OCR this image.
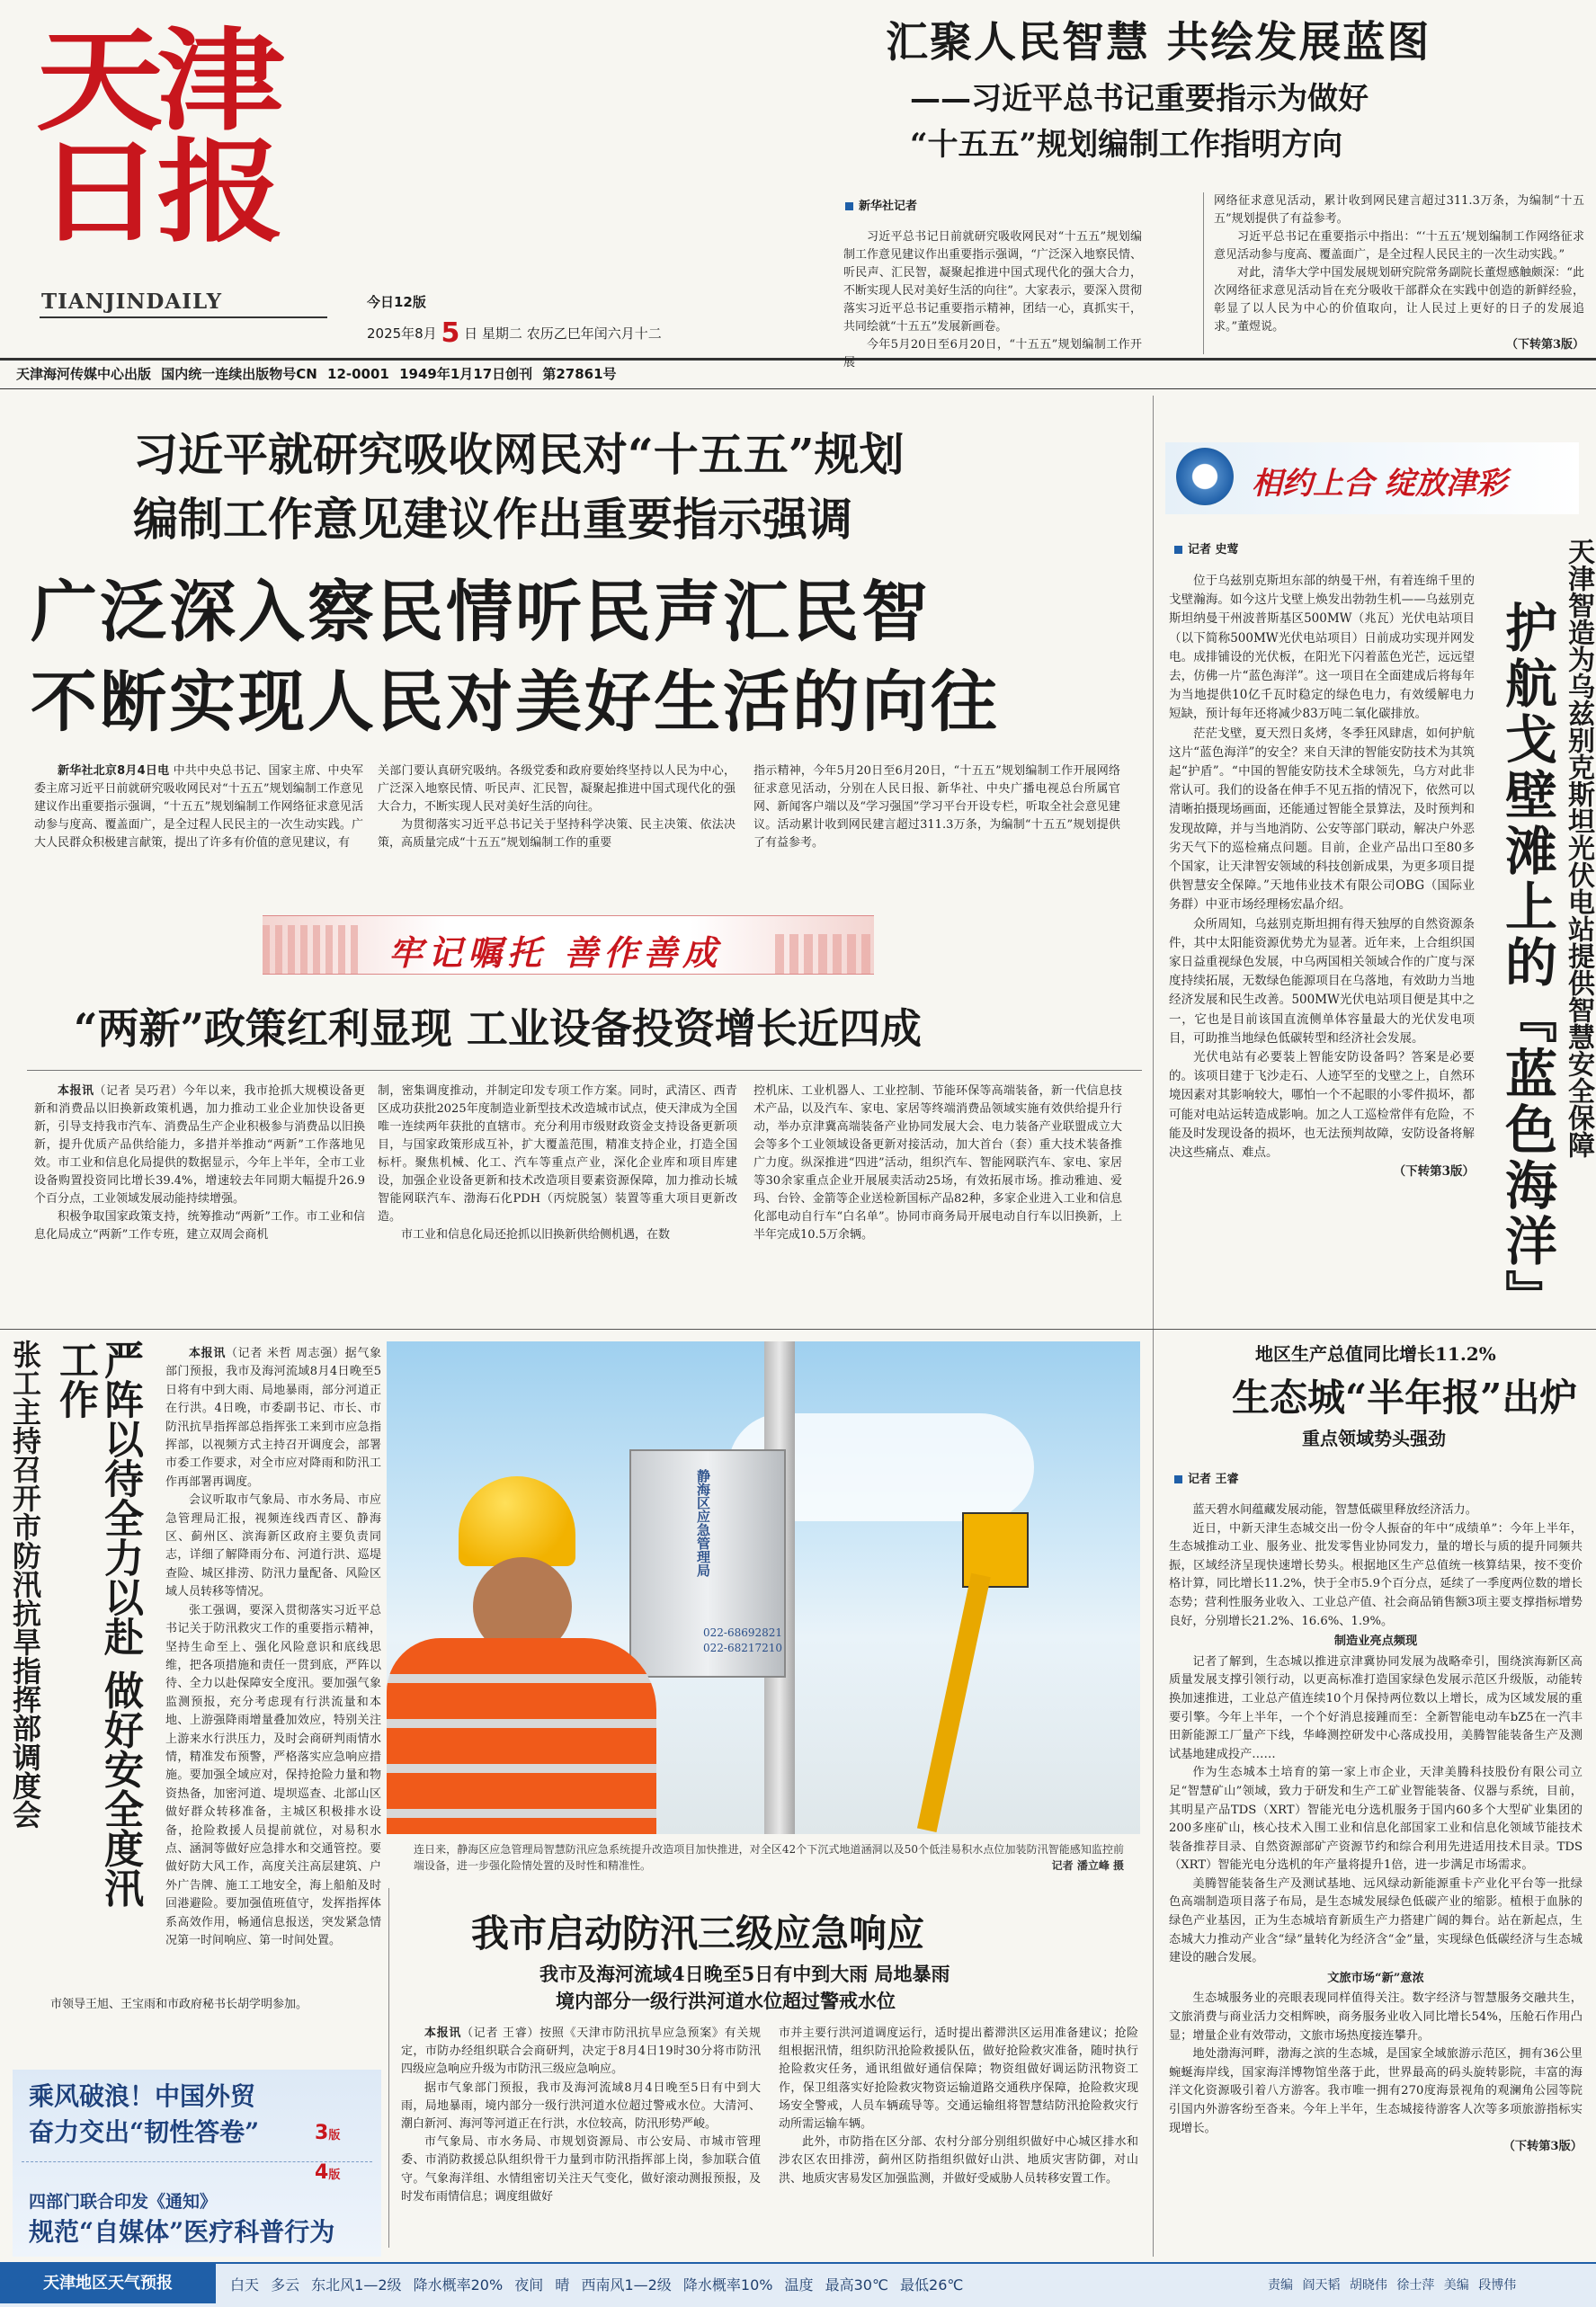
天津日报
TIANJINDAILY	今日12版
2025年8月 5 日 星期二 农历乙巳年闰六月十二
天津海河传媒中心出版 国内统一连续出版物号CN 12-0001 1949年1月17日创刊 第27861号
汇聚人民智慧 共绘发展蓝图
——习近平总书记重要指示为做好
“十五五”规划编制工作指明方向
新华社记者
习近平总书记日前就研究吸收网民对“十五五”规划编制工作意见建议作出重要指示强调，“广泛深入地察民情、听民声、汇民智，凝聚起推进中国式现代化的强大合力，不断实现人民对美好生活的向往”。大家表示，要深入贯彻落实习近平总书记重要指示精神，团结一心，真抓实干，共同绘就“十五五”发展新画卷。
今年5月20日至6月20日，“十五五”规划编制工作开展
网络征求意见活动，累计收到网民建言超过311.3万条，为编制“十五五”规划提供了有益参考。
习近平总书记在重要指示中指出：“‘十五五’规划编制工作网络征求意见活动参与度高、覆盖面广，是全过程人民民主的一次生动实践。”
对此，清华大学中国发展规划研究院常务副院长董煜感触颇深：“此次网络征求意见活动旨在充分吸收干部群众在实践中创造的新鲜经验，彰显了以人民为中心的价值取向，让人民过上更好的日子的发展追求。”董煜说。
（下转第3版）
习近平就研究吸收网民对“十五五”规划
编制工作意见建议作出重要指示强调
广泛深入察民情听民声汇民智
不断实现人民对美好生活的向往
新华社北京8月4日电 中共中央总书记、国家主席、中央军委主席习近平日前就研究吸收网民对“十五五”规划编制工作意见建议作出重要指示强调，“十五五”规划编制工作网络征求意见活动参与度高、覆盖面广，是全过程人民民主的一次生动实践。广大人民群众积极建言献策，提出了许多有价值的意见建议，有
关部门要认真研究吸纳。各级党委和政府要始终坚持以人民为中心，广泛深入地察民情、听民声、汇民智，凝聚起推进中国式现代化的强大合力，不断实现人民对美好生活的向往。
为贯彻落实习近平总书记关于坚持科学决策、民主决策、依法决策，高质量完成“十五五”规划编制工作的重要
指示精神，今年5月20日至6月20日，“十五五”规划编制工作开展网络征求意见活动，分别在人民日报、新华社、中央广播电视总台所属官网、新闻客户端以及“学习强国”学习平台开设专栏，听取全社会意见建议。活动累计收到网民建言超过311.3万条，为编制“十五五”规划提供了有益参考。
牢记嘱托 善作善成
“两新”政策红利显现 工业设备投资增长近四成
本报讯（记者 吴巧君）今年以来，我市抢抓大规模设备更新和消费品以旧换新政策机遇，加力推动工业企业加快设备更新，引导支持我市汽车、消费品生产企业积极参与消费品以旧换新，提升优质产品供给能力，多措并举推动“两新”工作落地见效。市工业和信息化局提供的数据显示，今年上半年，全市工业设备购置投资同比增长39.4%，增速较去年同期大幅提升26.9个百分点，工业领域发展动能持续增强。
积极争取国家政策支持，统筹推动“两新”工作。市工业和信息化局成立“两新”工作专班，建立双周会商机
制，密集调度推动，并制定印发专项工作方案。同时，武清区、西青区成功获批2025年度制造业新型技术改造城市试点，使天津成为全国唯一连续两年获批的直辖市。充分利用市级财政资金支持设备更新项目，与国家政策形成互补，扩大覆盖范围，精准支持企业，打造全国标杆。聚焦机械、化工、汽车等重点产业，深化企业库和项目库建设，加强企业设备更新和技术改造项目要素资源保障，加力推动长城智能网联汽车、渤海石化PDH（丙烷脱氢）装置等重大项目更新改造。
市工业和信息化局还抢抓以旧换新供给侧机遇，在数
控机床、工业机器人、工业控制、节能环保等高端装备，新一代信息技术产品，以及汽车、家电、家居等终端消费品领域实施有效供给提升行动，举办京津冀高端装备产业协同发展大会、电力装备产业联盟成立大会等多个工业领域设备更新对接活动，加大首台（套）重大技术装备推广力度。纵深推进“四进”活动，组织汽车、智能网联汽车、家电、家居等30余家重点企业开展展卖活动25场，有效拓展市场。推动雅迪、爱玛、台铃、金箭等企业送检新国标产品82种，多家企业进入工业和信息化部电动自行车“白名单”。协同市商务局开展电动自行车以旧换新，上半年完成10.5万余辆。
相约上合 绽放津彩
记者 史莺	天津智造为乌兹别克斯坦光伏电站提供智慧安全保障
护航戈壁滩上的『蓝色海洋』
位于乌兹别克斯坦东部的纳曼干州，有着连绵千里的戈壁瀚海。如今这片戈壁上焕发出勃勃生机——乌兹别克斯坦纳曼干州波普斯基区500MW（兆瓦）光伏电站项目（以下简称500MW光伏电站项目）日前成功实现并网发电。成排铺设的光伏板，在阳光下闪着蓝色光芒，远远望去，仿佛一片“蓝色海洋”。这一项目在全面建成后将每年为当地提供10亿千瓦时稳定的绿色电力，有效缓解电力短缺，预计每年还将减少83万吨二氧化碳排放。
茫茫戈壁，夏天烈日炙烤，冬季狂风肆虐，如何护航这片“蓝色海洋”的安全？来自天津的智能安防技术为其筑起“护盾”。“中国的智能安防技术全球领先，乌方对此非常认可。我们的设备在伸手不见五指的情况下，依然可以清晰拍摄现场画面，还能通过智能全景算法，及时预判和发现故障，并与当地消防、公安等部门联动，解决户外恶劣天气下的巡检痛点问题。目前，企业产品出口至80多个国家，让天津智安领域的科技创新成果，为更多项目提供智慧安全保障。”天地伟业技术有限公司OBG（国际业务群）中亚市场经理杨宏晶介绍。
众所周知，乌兹别克斯坦拥有得天独厚的自然资源条件，其中太阳能资源优势尤为显著。近年来，上合组织国家日益重视绿色发展，中乌两国相关领域合作的广度与深度持续拓展，无数绿色能源项目在乌落地，有效助力当地经济发展和民生改善。500MW光伏电站项目便是其中之一，它也是目前该国直流侧单体容量最大的光伏发电项目，可助推当地绿色低碳转型和经济社会发展。
光伏电站有必要装上智能安防设备吗？答案是必要的。该项目建于飞沙走石、人迹罕至的戈壁之上，自然环境因素对其影响较大，哪怕一个不起眼的小零件损坏，都可能对电站运转造成影响。加之人工巡检常伴有危险，不能及时发现设备的损坏，也无法预判故障，安防设备将解决这些痛点、难点。
（下转第3版）
地区生产总值同比增长11.2%
生态城“半年报”出炉
重点领域势头强劲
记者 王睿
蓝天碧水间蕴藏发展动能，智慧低碳里释放经济活力。
近日，中新天津生态城交出一份令人振奋的年中“成绩单”：今年上半年，生态城推动工业、服务业、批发零售业协同发力，量的增长与质的提升同频共振，区域经济呈现快速增长势头。根据地区生产总值统一核算结果，按不变价格计算，同比增长11.2%，快于全市5.9个百分点，延续了一季度两位数的增长态势；营利性服务业收入、工业总产值、社会商品销售额3项主要支撑指标增势良好，分别增长21.2%、16.6%、1.9%。
制造业亮点频现
记者了解到，生态城以推进京津冀协同发展为战略牵引，围绕滨海新区高质量发展支撑引领行动，以更高标准打造国家绿色发展示范区升级版，动能转换加速推进，工业总产值连续10个月保持两位数以上增长，成为区域发展的重要引擎。今年上半年，一个个好消息接踵而至：全新智能电动车bZ5在一汽丰田新能源工厂量产下线，华峰测控研发中心落成投用，美腾智能装备生产及测试基地建成投产……
作为生态城本土培育的第一家上市企业，天津美腾科技股份有限公司立足“智慧矿山”领域，致力于研发和生产工矿业智能装备、仪器与系统，目前，其明星产品TDS（XRT）智能光电分选机服务于国内60多个大型矿业集团的200多座矿山，核心技术入围工业和信息化部国家工业和信息化领域节能技术装备推荐目录、自然资源部矿产资源节约和综合利用先进适用技术目录。TDS（XRT）智能光电分选机的年产量将提升1倍，进一步满足市场需求。
美腾智能装备生产及测试基地、远风绿动新能源重卡产业化平台等一批绿色高端制造项目落子布局，是生态城发展绿色低碳产业的缩影。植根于血脉的绿色产业基因，正为生态城培育新质生产力搭建广阔的舞台。站在新起点，生态城大力推动产业含“绿”量转化为经济含“金”量，实现绿色低碳经济与生态城建设的融合发展。
文旅市场“新”意浓
生态城服务业的亮眼表现同样值得关注。数字经济与智慧服务交融共生，文旅消费与商业活力交相辉映，商务服务业收入同比增长54%，压舱石作用凸显；增量企业有效带动，文旅市场热度接连攀升。
地处渤海河畔，渤海之滨的生态城，是国家全域旅游示范区，拥有36公里蜿蜒海岸线，国家海洋博物馆坐落于此，世界最高的码头旋转影院，丰富的海洋文化资源吸引着八方游客。我市唯一拥有270度海景视角的观澜角公园等院引国内外游客纷至沓来。今年上半年，生态城接待游客人次等多项旅游指标实现增长。
（下转第3版）
张工主持召开市防汛抗旱指挥部调度会	严阵以待全力以赴 做好安全度汛工作	本报讯（记者 米哲 周志强）据气象部门预报，我市及海河流域8月4日晚至5日将有中到大雨、局地暴雨，部分河道正在行洪。4日晚，市委副书记、市长、市防汛抗旱指挥部总指挥张工来到市应急指挥部，以视频方式主持召开调度会，部署市委工作要求，对全市应对降雨和防汛工作再部署再调度。
会议听取市气象局、市水务局、市应急管理局汇报，视频连线西青区、静海区、蓟州区、滨海新区政府主要负责同志，详细了解降雨分布、河道行洪、巡堤查险、城区排涝、防汛力量配备、风险区域人员转移等情况。
张工强调，要深入贯彻落实习近平总书记关于防汛救灾工作的重要指示精神，坚持生命至上、强化风险意识和底线思维，把各项措施和责任一贯到底，严阵以待、全力以赴保障安全度汛。要加强气象监测预报，充分考虑现有行洪流量和本地、上游强降雨增量叠加效应，特别关注上游来水行洪压力，及时会商研判雨情水情，精准发布预警，严格落实应急响应措施。要加强全域应对，保持抢险力量和物资热备，加密河道、堤坝巡查、北部山区做好群众转移准备，主城区积极排水设备，抢险救援人员提前就位，对易积水点、涵洞等做好应急排水和交通管控。要做好防大风工作，高度关注高层建筑、户外广告牌、施工工地安全，海上船舶及时回港避险。要加强值班值守，发挥指挥体系高效作用，畅通信息报送，突发紧急情况第一时间响应、第一时间处置。
市领导王旭、王宝雨和市政府秘书长胡学明参加。
静海区应急管理局
022-68692821
022-68217210
连日来，静海区应急管理局智慧防汛应急系统提升改造项目加快推进，对全区42个下沉式地道涵洞以及50个低洼易积水点位加装防汛智能感知监控前端设备，进一步强化险情处置的及时性和精准性。	记者 潘立峰 摄
我市启动防汛三级应急响应
我市及海河流域4日晚至5日有中到大雨 局地暴雨
境内部分一级行洪河道水位超过警戒水位
本报讯（记者 王睿）按照《天津市防汛抗旱应急预案》有关规定，市防办经组织联合会商研判，决定于8月4日19时30分将市防汛四级应急响应升级为市防汛三级应急响应。
据市气象部门预报，我市及海河流域8月4日晚至5日有中到大雨，局地暴雨，境内部分一级行洪河道水位超过警戒水位。大清河、潮白新河、海河等河道正在行洪，水位较高，防汛形势严峻。
市气象局、市水务局、市规划资源局、市公安局、市城市管理委、市消防救援总队组织骨干力量到市防汛指挥部上岗，参加联合值守。气象海洋组、水情组密切关注天气变化，做好滚动测报预报，及时发布雨情信息；调度组做好
市并主要行洪河道调度运行，适时提出蓄滞洪区运用准备建议；抢险组根据汛情，组织防汛抢险救援队伍，做好抢险救灾准备，随时执行抢险救灾任务，通讯组做好通信保障；物资组做好调运防汛物资工作，保卫组落实好抢险救灾物资运输道路交通秩序保障，抢险救灾现场安全警戒，人员车辆疏导等。交通运输组将智慧结防汛抢险救灾行动所需运输车辆。
此外，市防指在区分部、农村分部分别组织做好中心城区排水和涉农区农田排涝，蓟州区防指组织做好山洪、地质灾害防御，对山洪、地质灾害易发区加强监测，并做好受威胁人员转移安置工作。
乘风破浪！中国外贸
奋力交出“韧性答卷”	3版
4版
四部门联合印发《通知》
规范“自媒体”医疗科普行为
天津地区天气预报	白天 多云 东北风1—2级 降水概率20% 夜间 晴 西南风1—2级 降水概率10% 温度 最高30℃ 最低26℃	责编 阎天韬 胡晓伟 徐士萍 美编 段博伟
